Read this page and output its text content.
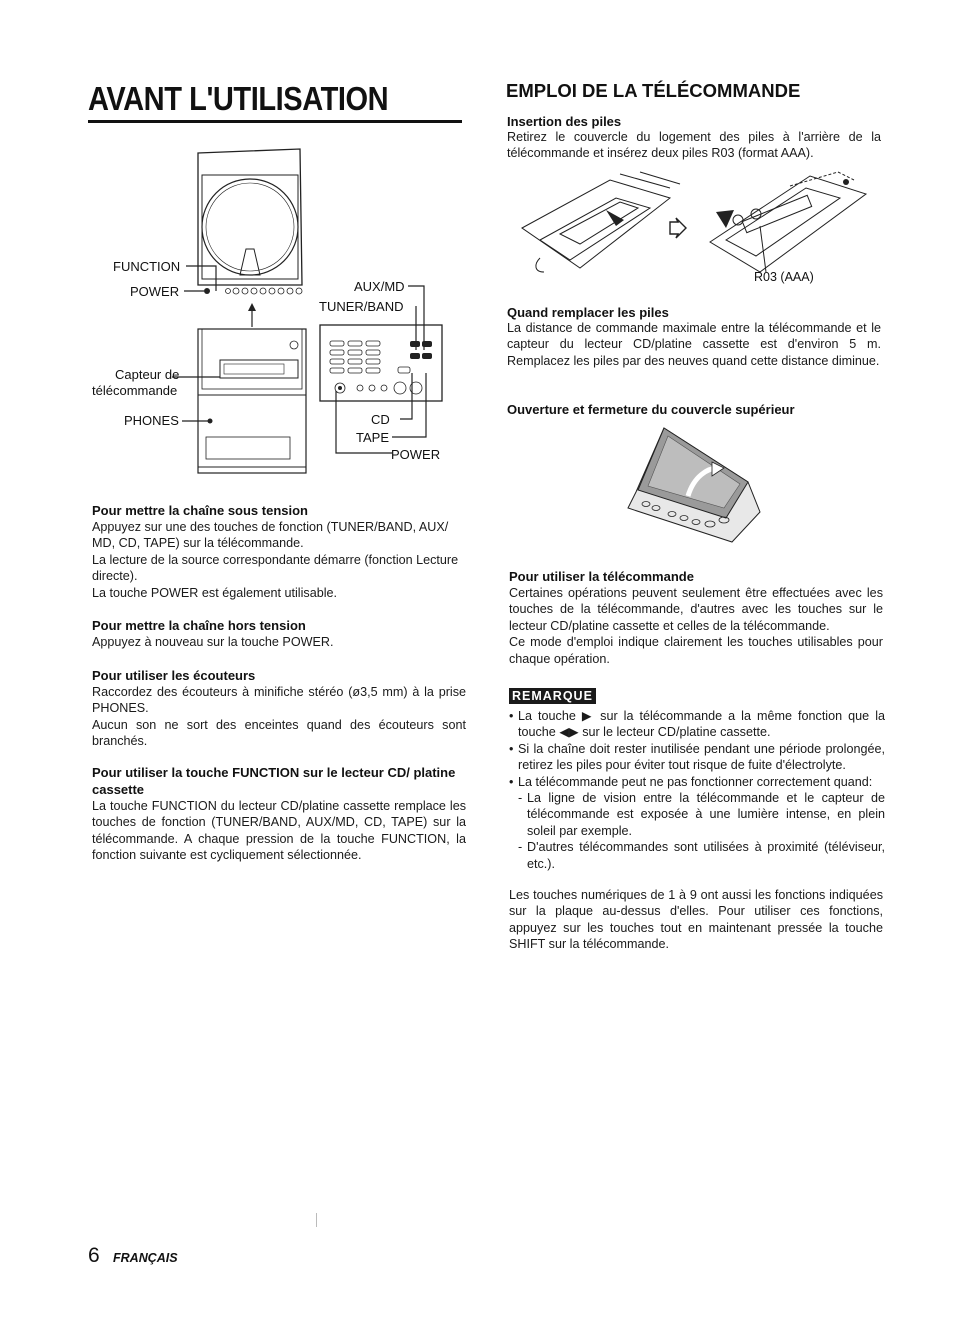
AVANT L'UTILISATION
FUNCTION
POWER
Capteur de
télécommande
PHONES
AUX/MD
TUNER/BAND
CD
TAPE
POWER
Pour mettre la chaîne sous tension

Appuyez sur une des touches de fonction (TUNER/BAND, AUX/ MD, CD, TAPE) sur la télécommande.

La lecture de la source correspondante démarre (fonction Lecture directe).

La touche POWER est également utilisable.

Pour mettre la chaîne hors tension

Appuyez à nouveau sur la touche POWER.

Pour utiliser les écouteurs

Raccordez des écouteurs à minifiche stéréo (ø3,5 mm) à la prise PHONES.

Aucun son ne sort des enceintes quand des écouteurs sont branchés.

Pour utiliser la touche FUNCTION sur le lecteur CD/ platine cassette

La touche FUNCTION du lecteur CD/platine cassette remplace les touches de fonction (TUNER/BAND, AUX/MD, CD, TAPE) sur la télécommande. A chaque pression de la touche FUNCTION, la fonction suivante est cycliquement sélectionnée.

EMPLOI DE LA TÉLÉCOMMANDE
Insertion des piles
Retirez le couvercle du logement des piles à l'arrière de la télécommande et insérez deux piles R03 (format AAA).
R03 (AAA)
Quand remplacer les piles
La distance de commande maximale entre la télécommande et le capteur du lecteur CD/platine cassette est d'environ 5 m. Remplacez les piles par des neuves quand cette distance diminue.
Ouverture et fermeture du couvercle supérieur
Pour utiliser la télécommande

Certaines opérations peuvent seulement être effectuées avec les touches de la télécommande, d'autres avec les touches sur le lecteur CD/platine cassette et celles de la télécommande.

Ce mode d'emploi indique clairement les touches utilisables pour chaque opération.

REMARQUE
• La touche ▶ sur la télécommande a la même fonction que la touche ◀▶ sur le lecteur CD/platine cassette.
• Si la chaîne doit rester inutilisée pendant une période prolongée, retirez les piles pour éviter tout risque de fuite d'électrolyte.
• La télécommande peut ne pas fonctionner correctement quand:
- La ligne de vision entre la télécommande et le capteur de télécommande est exposée à une lumière intense, en plein soleil par exemple.
- D'autres télécommandes sont utilisées à proximité (téléviseur, etc.).
Les touches numériques de 1 à 9 ont aussi les fonctions indiquées sur la plaque au-dessus d'elles. Pour utiliser ces fonctions, appuyez sur les touches tout en maintenant pressée la touche SHIFT sur la télécommande.
6 FRANÇAIS
